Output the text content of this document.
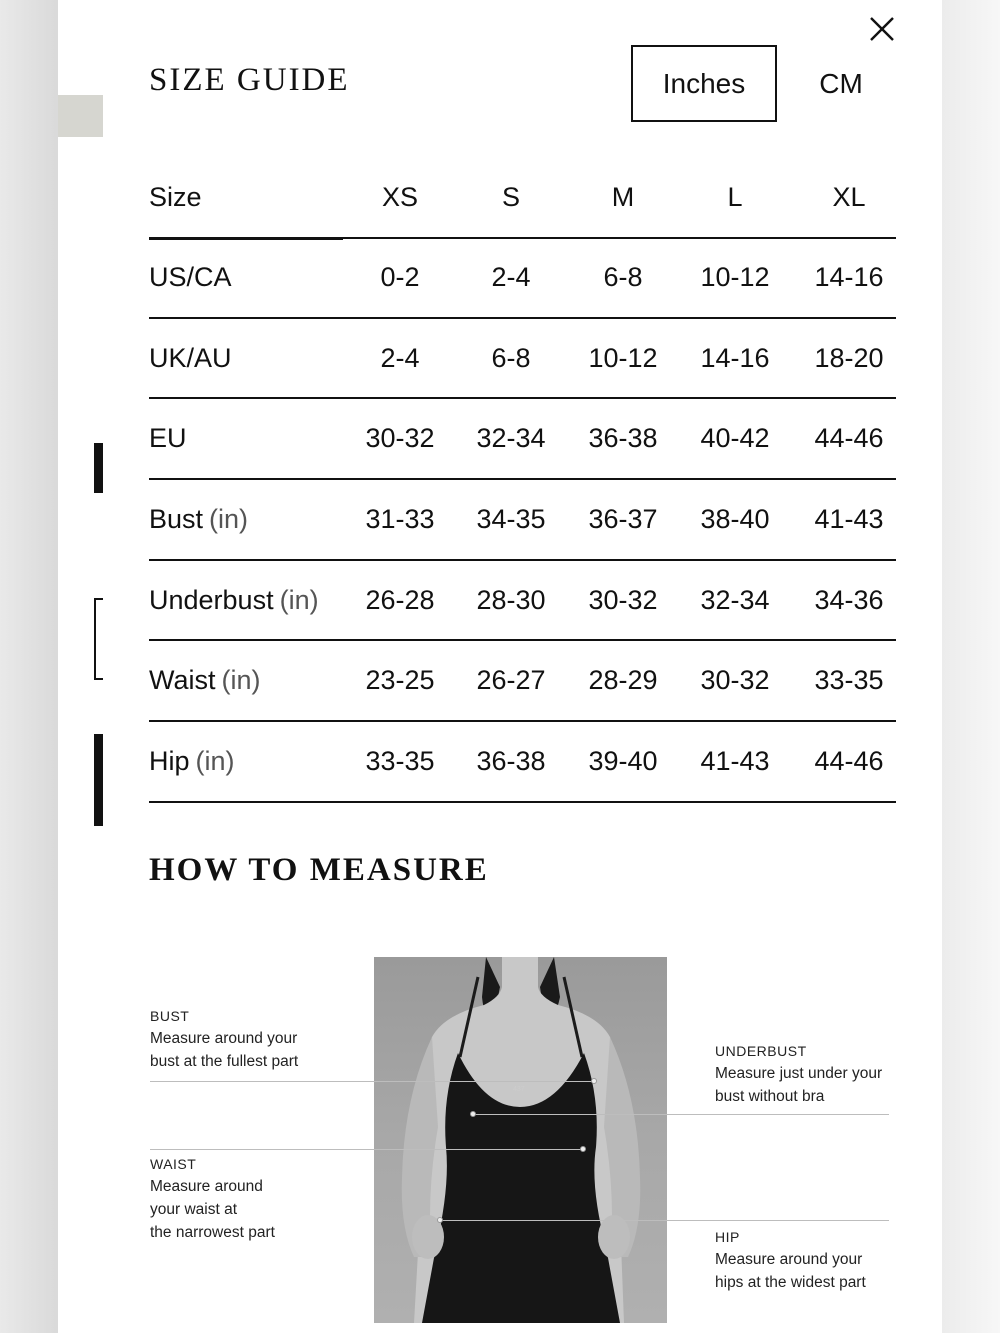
SIZE GUIDE	Inches	CM
Size	XS	S	M	L	XL
US/CA	0-2	2-4	6-8	10-12	14-16
UK/AU	2-4	6-8	10-12	14-16	18-20
EU	30-32	32-34	36-38	40-42	44-46
Bust (in)	31-33	34-35	36-37	38-40	41-43
Underbust (in)	26-28	28-30	30-32	32-34	34-36
Waist (in)	23-25	26-27	28-29	30-32	33-35
Hip (in)	33-35	36-38	39-40	41-43	44-46
HOW TO MEASURE
437
BUST
Measure around your
bust at the fullest part
WAIST
Measure around
your waist at
the narrowest part
UNDERBUST
Measure just under your
bust without bra
HIP
Measure around your
hips at the widest part
